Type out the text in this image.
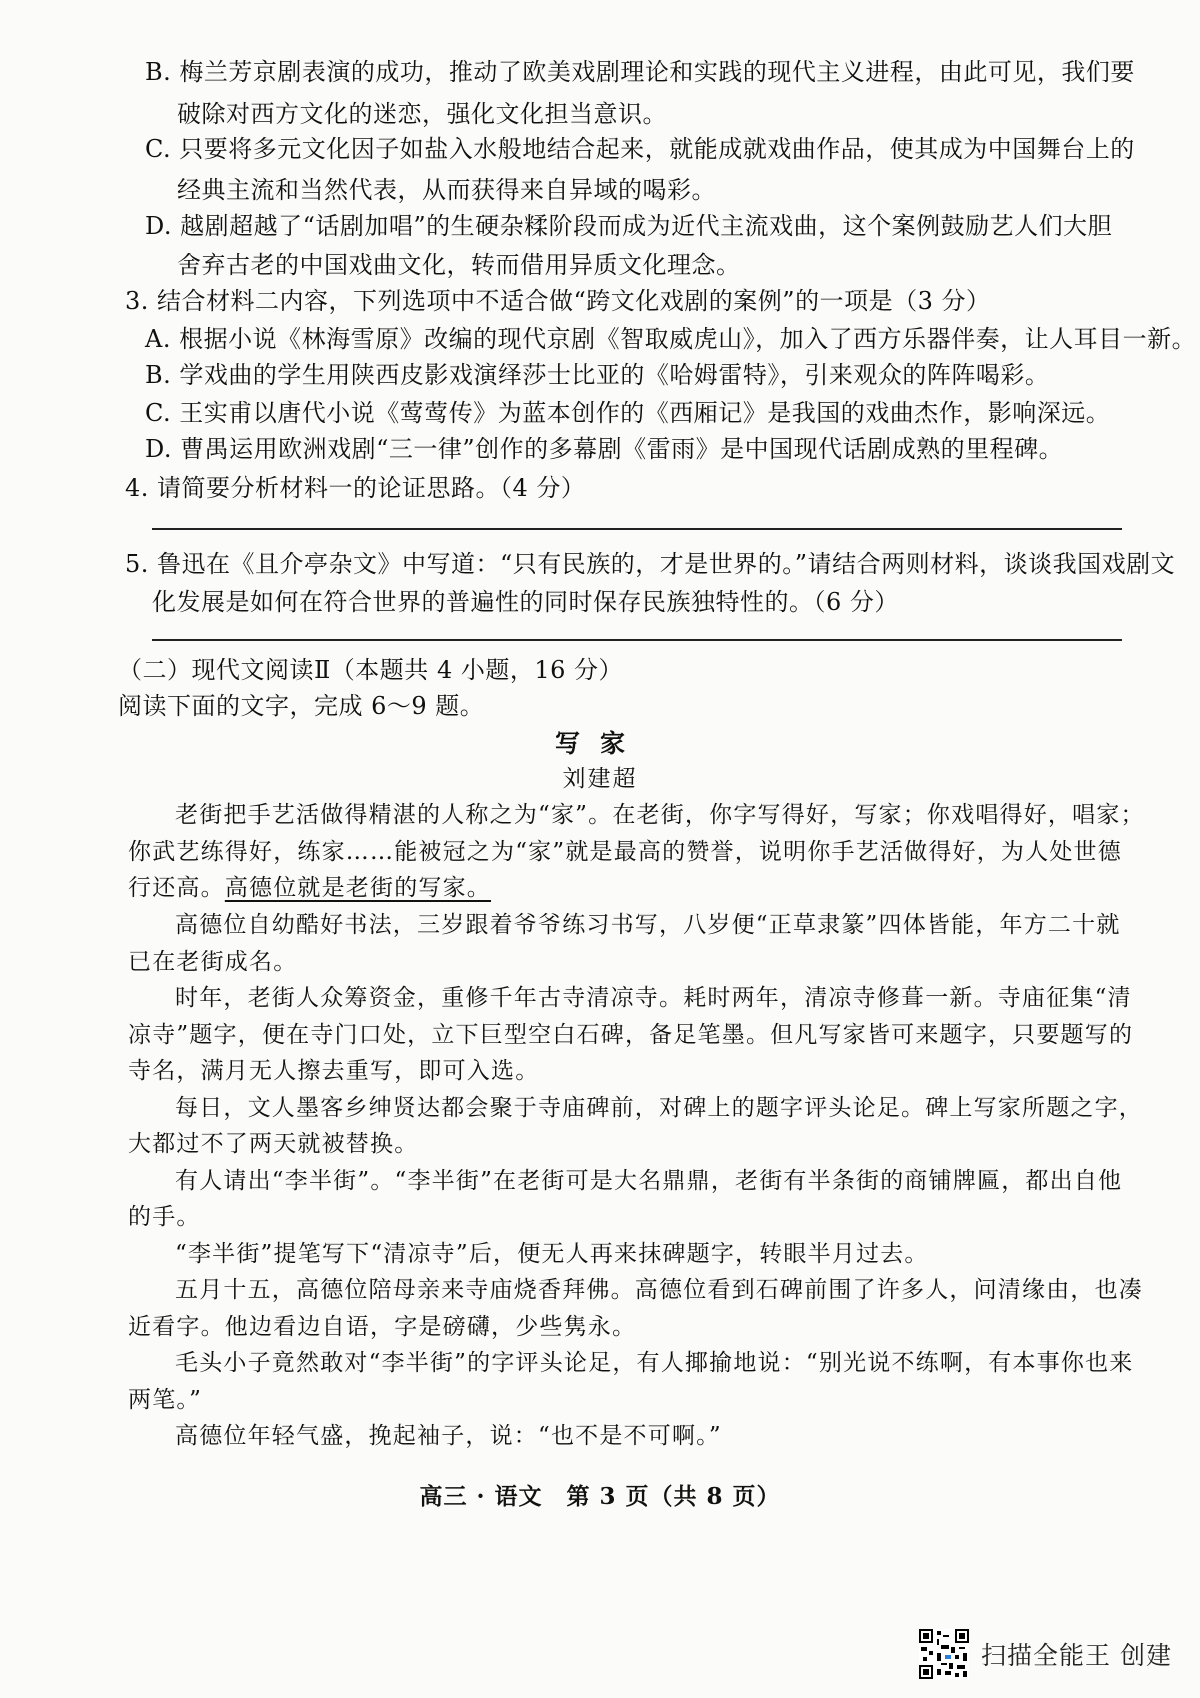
B. 梅兰芳京剧表演的成功，推动了欧美戏剧理论和实践的现代主义进程，由此可见，我们要
破除对西方文化的迷恋，强化文化担当意识。
C. 只要将多元文化因子如盐入水般地结合起来，就能成就戏曲作品，使其成为中国舞台上的
经典主流和当然代表，从而获得来自异域的喝彩。
D. 越剧超越了“话剧加唱”的生硬杂糅阶段而成为近代主流戏曲，这个案例鼓励艺人们大胆
舍弃古老的中国戏曲文化，转而借用异质文化理念。
3. 结合材料二内容，下列选项中不适合做“跨文化戏剧的案例”的一项是（3 分）
A. 根据小说《林海雪原》改编的现代京剧《智取威虎山》，加入了西方乐器伴奏，让人耳目一新。
B. 学戏曲的学生用陕西皮影戏演绎莎士比亚的《哈姆雷特》，引来观众的阵阵喝彩。
C. 王实甫以唐代小说《莺莺传》为蓝本创作的《西厢记》是我国的戏曲杰作，影响深远。
D. 曹禺运用欧洲戏剧“三一律”创作的多幕剧《雷雨》是中国现代话剧成熟的里程碑。
4. 请简要分析材料一的论证思路。（4 分）
5. 鲁迅在《且介亭杂文》中写道：“只有民族的，才是世界的。”请结合两则材料，谈谈我国戏剧文
化发展是如何在符合世界的普遍性的同时保存民族独特性的。（6 分）
（二）现代文阅读Ⅱ（本题共 4 小题，16 分）
阅读下面的文字，完成 6～9 题。
写家
刘建超
老街把手艺活做得精湛的人称之为“家”。在老街，你字写得好，写家；你戏唱得好，唱家；
你武艺练得好，练家……能被冠之为“家”就是最高的赞誉，说明你手艺活做得好，为人处世德
行还高。高德位就是老街的写家。
高德位自幼酷好书法，三岁跟着爷爷练习书写，八岁便“正草隶篆”四体皆能，年方二十就
已在老街成名。
时年，老街人众筹资金，重修千年古寺清凉寺。耗时两年，清凉寺修葺一新。寺庙征集“清
凉寺”题字，便在寺门口处，立下巨型空白石碑，备足笔墨。但凡写家皆可来题字，只要题写的
寺名，满月无人擦去重写，即可入选。
每日，文人墨客乡绅贤达都会聚于寺庙碑前，对碑上的题字评头论足。碑上写家所题之字，
大都过不了两天就被替换。
有人请出“李半街”。“李半街”在老街可是大名鼎鼎，老街有半条街的商铺牌匾，都出自他
的手。
“李半街”提笔写下“清凉寺”后，便无人再来抹碑题字，转眼半月过去。
五月十五，高德位陪母亲来寺庙烧香拜佛。高德位看到石碑前围了许多人，问清缘由，也凑
近看字。他边看边自语，字是磅礴，少些隽永。
毛头小子竟然敢对“李半街”的字评头论足，有人揶揄地说：“别光说不练啊，有本事你也来
两笔。”
高德位年轻气盛，挽起袖子，说：“也不是不可啊。”
高三 · 语文　第 3 页（共 8 页）
扫描全能王 创建
